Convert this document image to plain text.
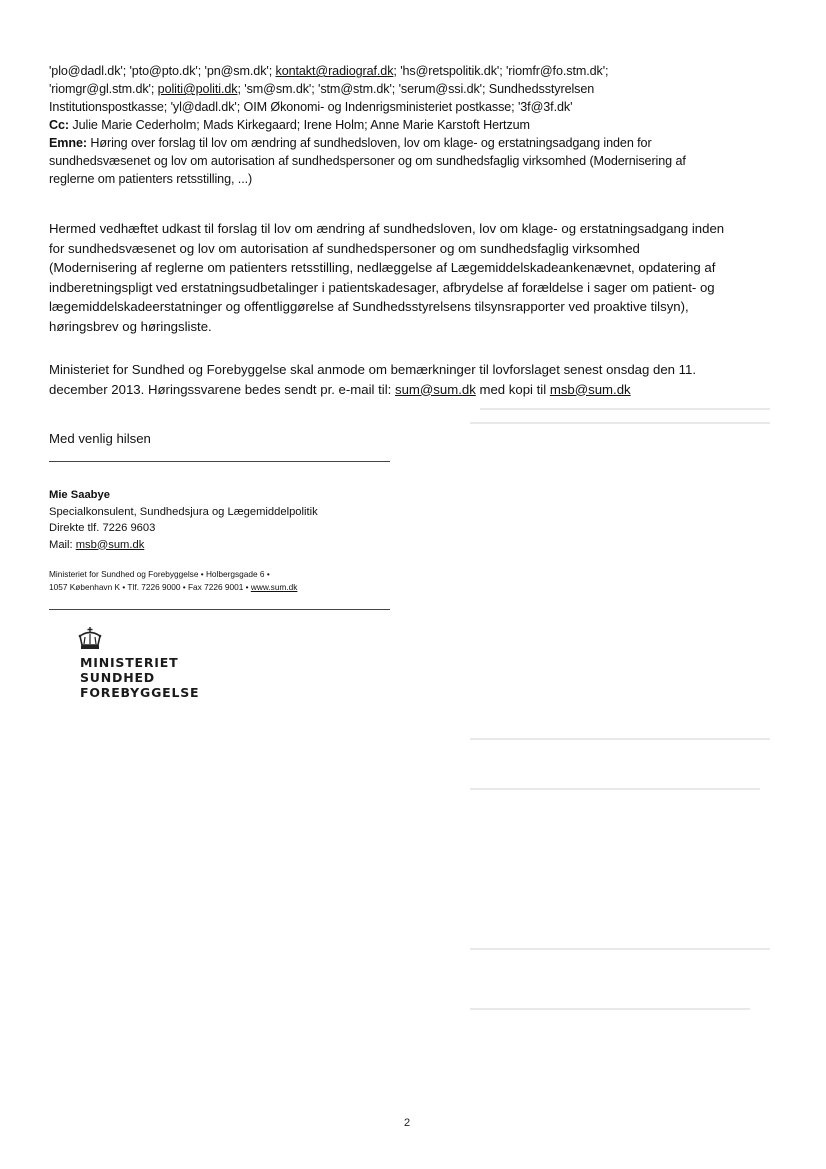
'plo@dadl.dk'; 'pto@pto.dk'; 'pn@sm.dk'; kontakt@radiograf.dk; 'hs@retspolitik.dk'; 'riomfr@fo.stm.dk';
'riomgr@gl.stm.dk'; politi@politi.dk; 'sm@sm.dk'; 'stm@stm.dk'; 'serum@ssi.dk'; Sundhedsstyrelsen
Institutionspostkasse; 'yl@dadl.dk'; OIM Økonomi- og Indenrigsministeriet postkasse; '3f@3f.dk'
Cc: Julie Marie Cederholm; Mads Kirkegaard; Irene Holm; Anne Marie Karstoft Hertzum
Emne: Høring over forslag til lov om ændring af sundhedsloven, lov om klage- og erstatningsadgang inden for
sundhedsvæsenet og lov om autorisation af sundhedspersoner og om sundhedsfaglig virksomhed (Modernisering af
reglerne om patienters retsstilling, ...)
Hermed vedhæftet udkast til forslag til lov om ændring af sundhedsloven, lov om klage- og erstatningsadgang inden
for sundhedsvæsenet og lov om autorisation af sundhedspersoner og om sundhedsfaglig virksomhed
(Modernisering af reglerne om patienters retsstilling, nedlæggelse af Lægemiddelskadeankenævnet, opdatering af
indberetningspligt ved erstatningsudbetalinger i patientskadesager, afbrydelse af forældelse i sager om patient- og
lægemiddelskadeerstatninger og offentliggørelse af Sundhedsstyrelsens tilsynsrapporter ved proaktive tilsyn),
høringsbrev og høringsliste.
Ministeriet for Sundhed og Forebyggelse skal anmode om bemærkninger til lovforslaget senest onsdag den 11.
december 2013. Høringssvarene bedes sendt pr. e-mail til: sum@sum.dk med kopi til msb@sum.dk
Med venlig hilsen
Mie Saabye
Specialkonsulent, Sundhedsjura og Lægemiddelpolitik
Direkte tlf. 7226 9603
Mail: msb@sum.dk
Ministeriet for Sundhed og Forebyggelse • Holbergsgade 6 •
1057 København K • Tlf. 7226 9000 • Fax 7226 9001 • www.sum.dk
MINISTERIET
SUNDHED
FOREBYGGELSE
2
